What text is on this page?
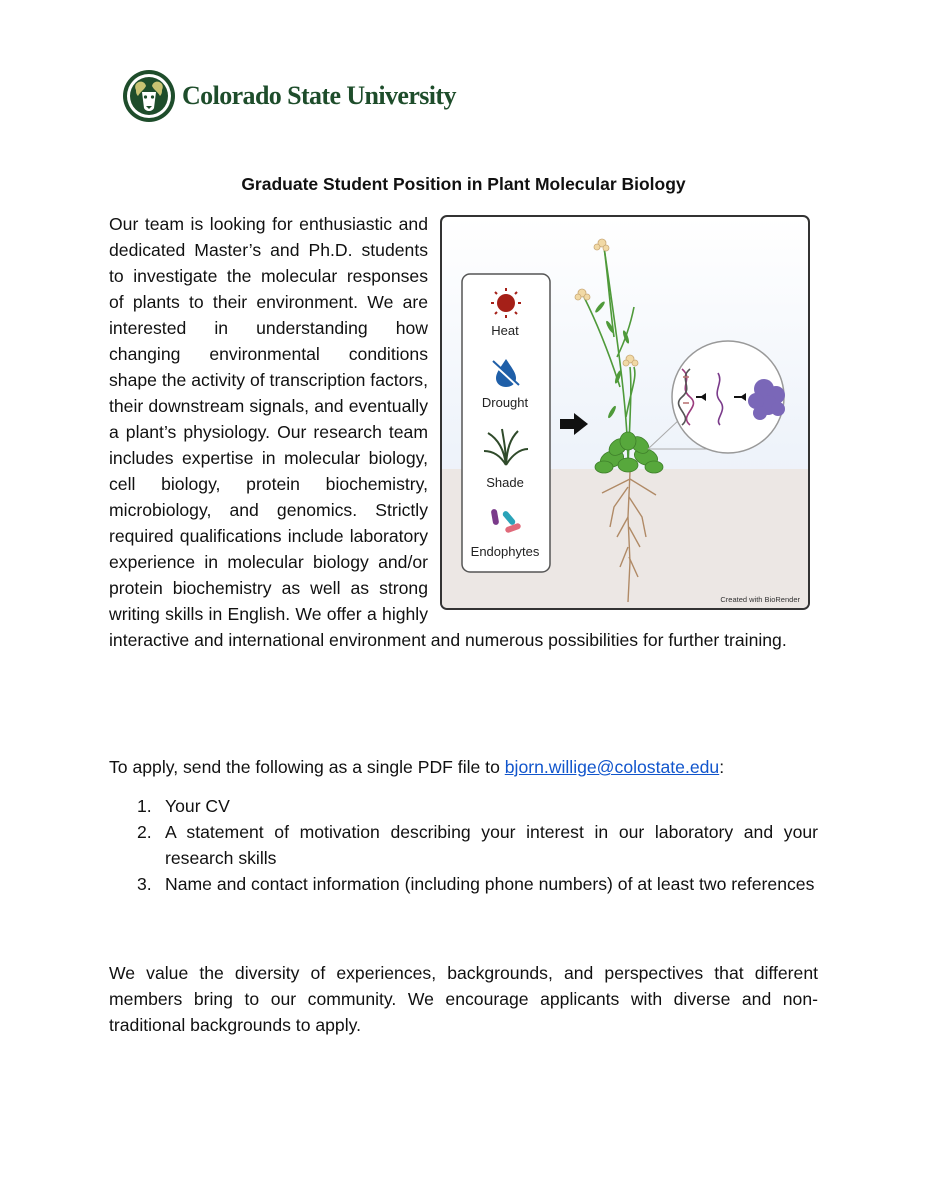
Colorado State University
Graduate Student Position in Plant Molecular Biology

Our team is looking for enthusiastic and dedicated Master’s and Ph.D. students to investigate the molecular responses of plants to their environment. We are interested in understanding how changing environmental conditions shape the activity of transcription factors, their downstream signals, and eventually a plant’s physiology. Our research team includes expertise in molecular biology, cell biology, protein biochemistry, microbiology, and genomics. Strictly required qualifications include laboratory experience in molecular biology and/or protein biochemistry as well as strong writing skills in English. We offer a highly interactive and international environment and numerous possibilities for further training.

Heat
Drought
Shade
Endophytes
Created with BioRender

To apply, send the following as a single PDF file to bjorn.willige@colostate.edu:

1. Your CV
2. A statement of motivation describing your interest in our laboratory and your research skills
3. Name and contact information (including phone numbers) of at least two references

We value the diversity of experiences, backgrounds, and perspectives that different members bring to our community. We encourage applicants with diverse and non-traditional backgrounds to apply.
